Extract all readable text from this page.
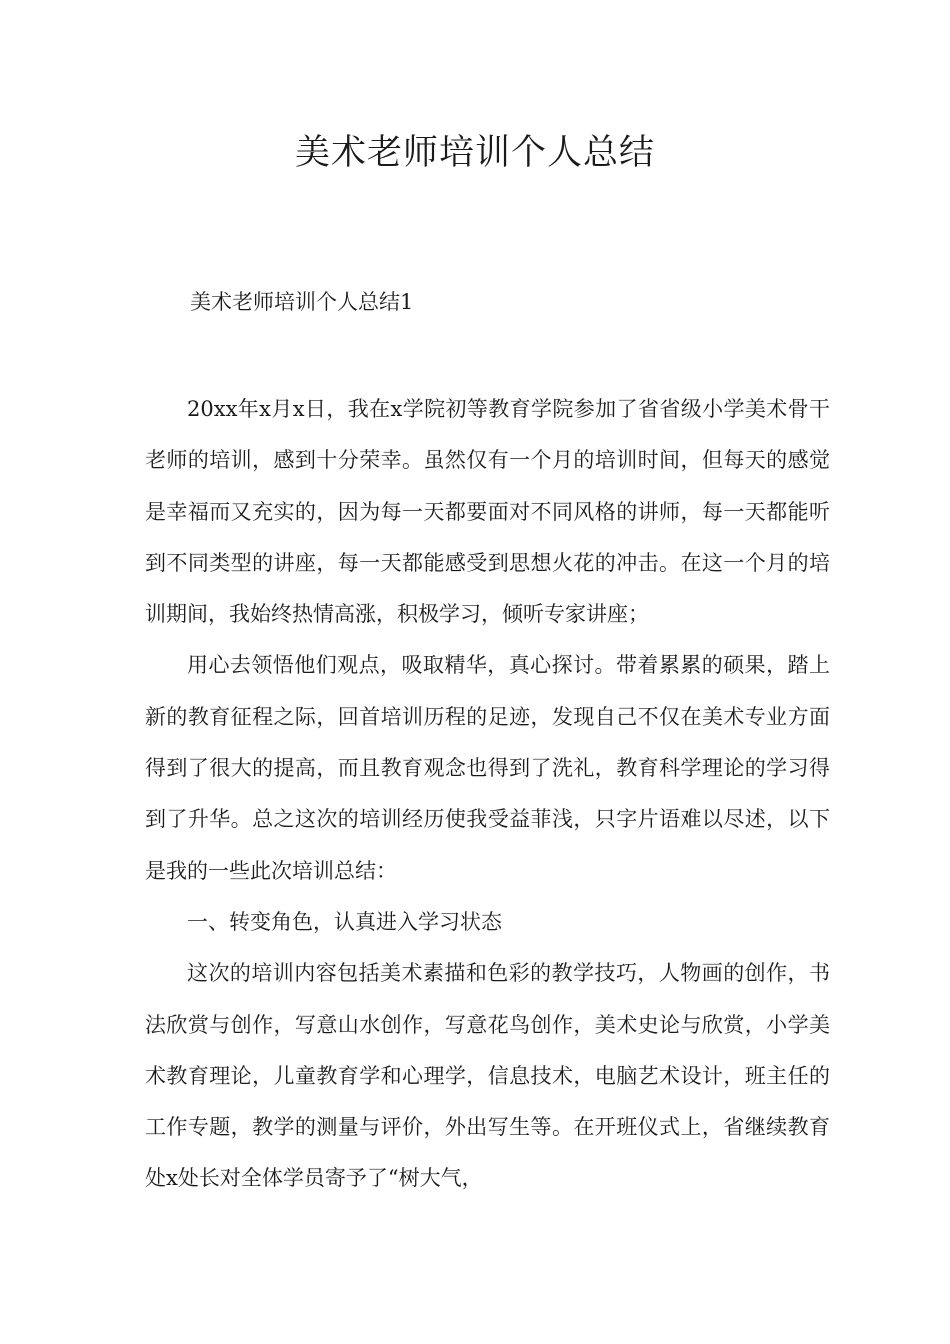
美术老师培训个人总结
美术老师培训个人总结1

20xx年x月x日，我在x学院初等教育学院参加了省省级小学美术骨干老师的培训，感到十分荣幸。虽然仅有一个月的培训时间，但每天的感觉是幸福而又充实的，因为每一天都要面对不同风格的讲师，每一天都能听到不同类型的讲座，每一天都能感受到思想火花的冲击。在这一个月的培训期间，我始终热情高涨，积极学习，倾听专家讲座；

用心去领悟他们观点，吸取精华，真心探讨。带着累累的硕果，踏上新的教育征程之际，回首培训历程的足迹，发现自己不仅在美术专业方面得到了很大的提高，而且教育观念也得到了洗礼，教育科学理论的学习得到了升华。总之这次的培训经历使我受益菲浅，只字片语难以尽述，以下是我的一些此次培训总结：

一、转变角色，认真进入学习状态

这次的培训内容包括美术素描和色彩的教学技巧，人物画的创作，书法欣赏与创作，写意山水创作，写意花鸟创作，美术史论与欣赏，小学美术教育理论，儿童教育学和心理学，信息技术，电脑艺术设计，班主任的工作专题，教学的测量与评价，外出写生等。在开班仪式上，省继续教育处x处长对全体学员寄予了“树大气，
